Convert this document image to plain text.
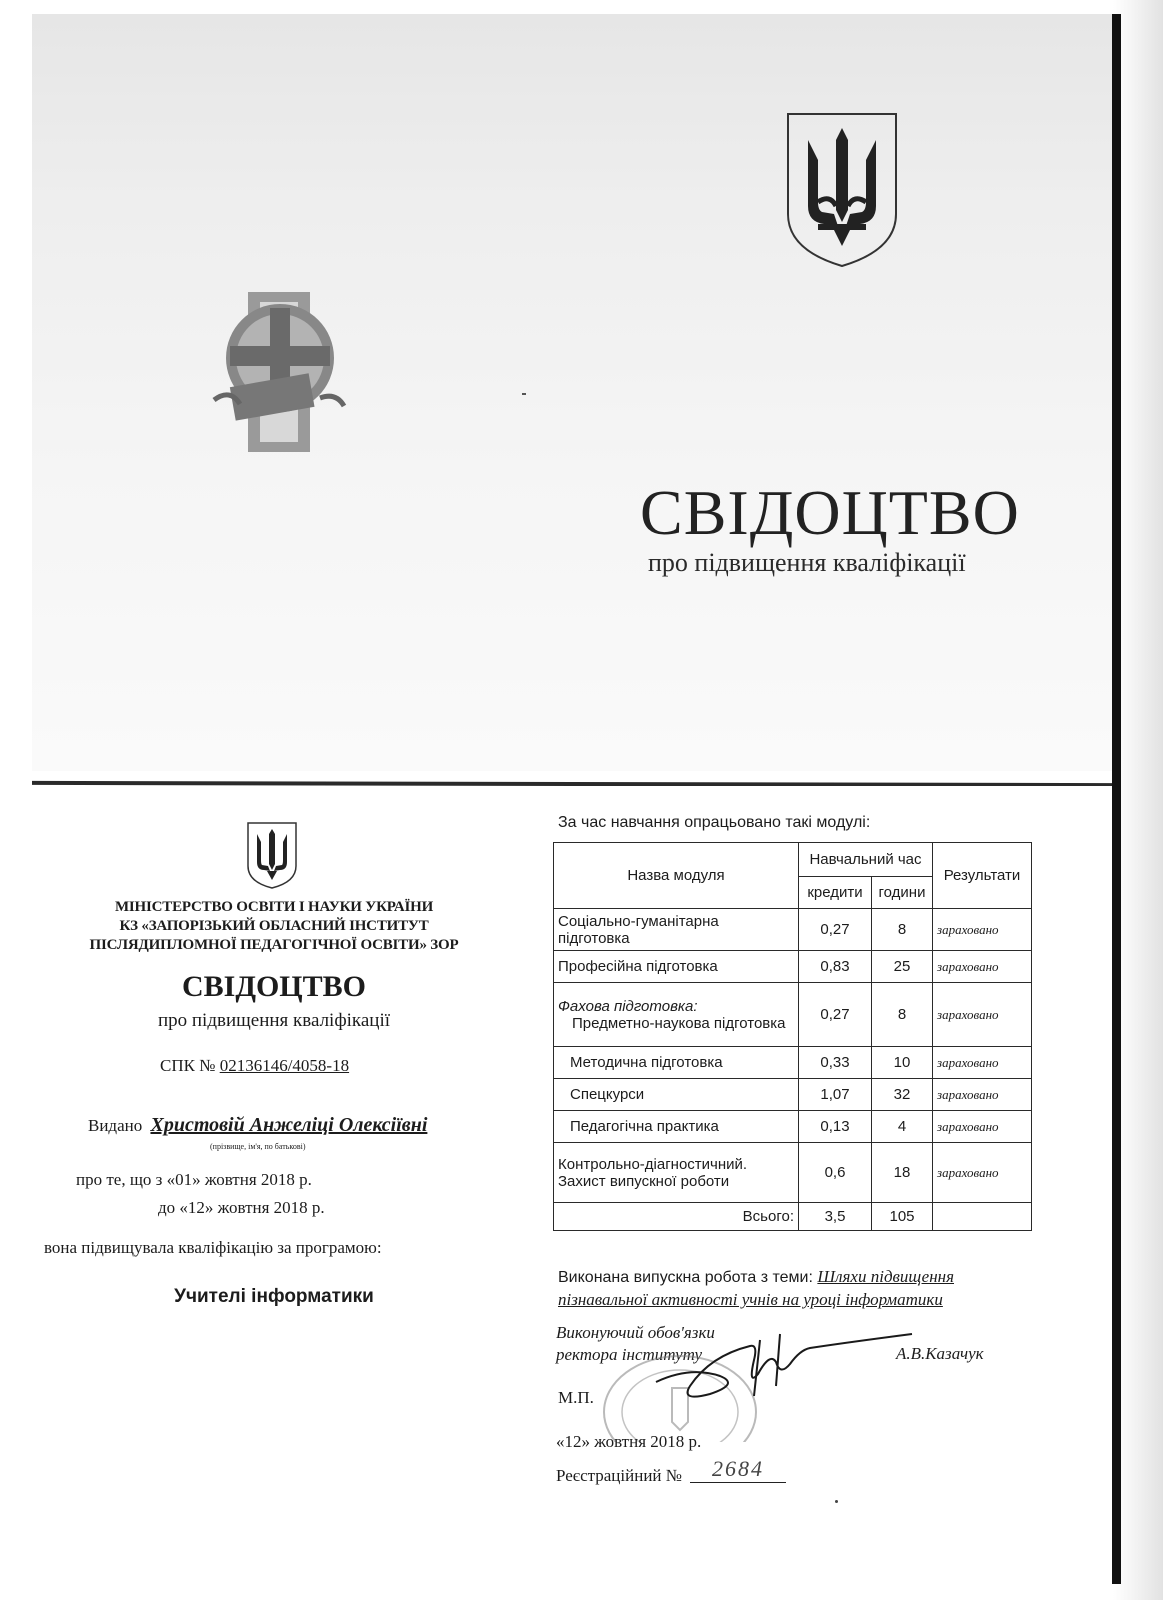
СВІДОЦТВО
про підвищення кваліфікації
МІНІСТЕРСТВО ОСВІТИ І НАУКИ УКРАЇНИ
КЗ «ЗАПОРІЗЬКИЙ ОБЛАСНИЙ ІНСТИТУТ
ПІСЛЯДИПЛОМНОЇ ПЕДАГОГІЧНОЇ ОСВІТИ» ЗОР
СВІДОЦТВО
про підвищення кваліфікації
СПК № 02136146/4058-18
Видано Христовій Анжеліці Олексіївні
(прізвище, ім'я, по батькові)
про те, що з «01» жовтня 2018 р.
до «12» жовтня 2018 р.
вона підвищувала кваліфікацію за програмою:
Учителі інформатики
За час навчання опрацьовано такі модулі:
Назва модуля	Навчальний час		Результати
	кредити	години	
Соціально-гуманітарна підготовка	0,27	8	зараховано
Професійна підготовка	0,83	25	зараховано

Фахова підготовка:
Предметно-наукова підготовка	0,27	8	зараховано
Методична підготовка	0,33	10	зараховано
Спецкурси	1,07	32	зараховано
Педагогічна практика	0,13	4	зараховано
Контрольно-діагностичний. Захист випускної роботи	0,6	18	зараховано
Всього:	3,5	105	
Виконана випускна робота з теми: Шляхи підвищення пізнавальної активності учнів на уроці інформатики
Виконуючий обов'язки
ректора інституту	А.В.Казачук
М.П.
«12» жовтня 2018 р.
Реєстраційний №	2684
